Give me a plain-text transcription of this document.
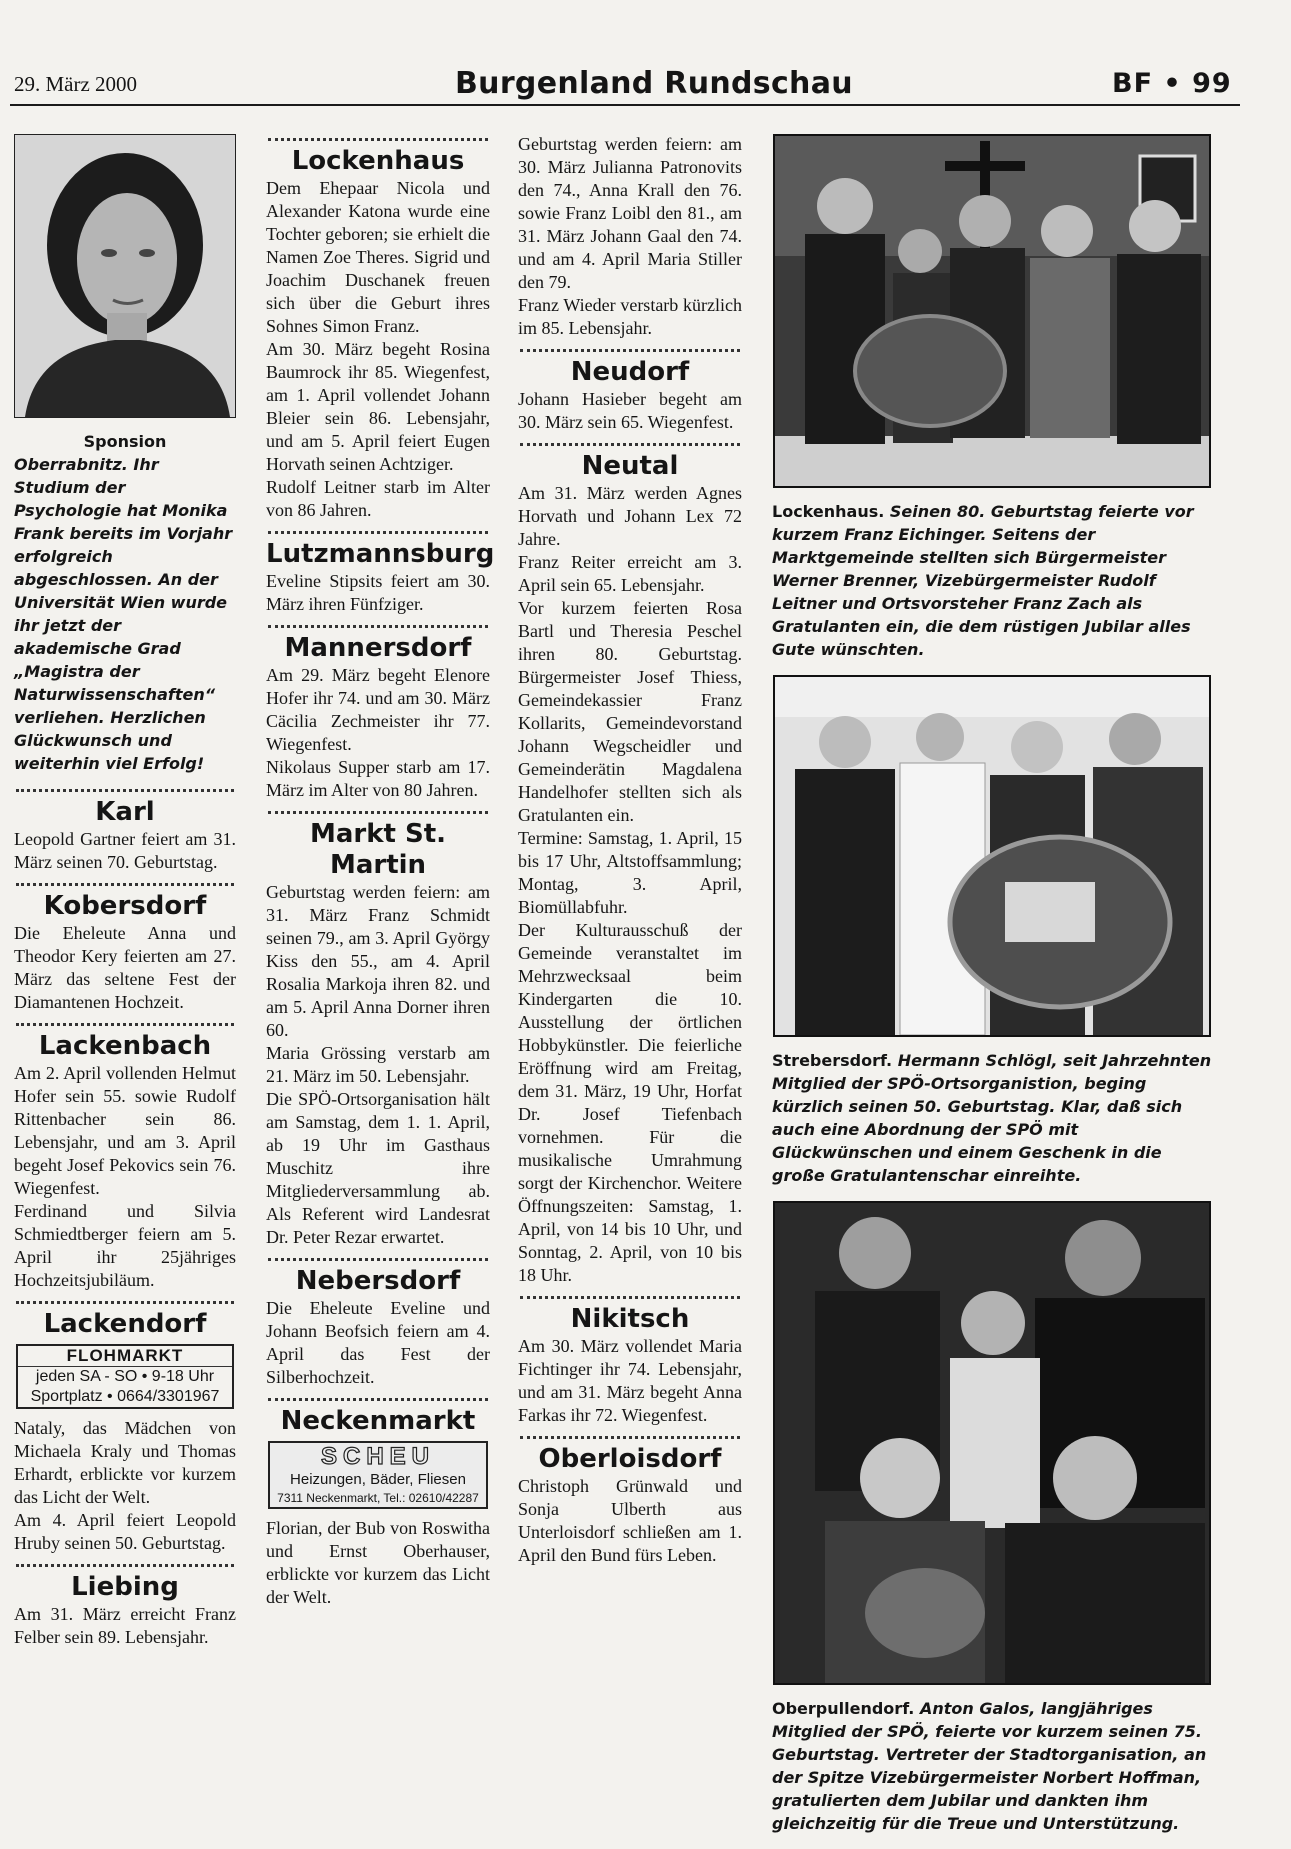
29. März 2000	Burgenland Rundschau	BF • 99
Sponsion

Oberrabnitz. Ihr Studium der Psychologie hat Monika Frank bereits im Vorjahr erfolgreich abgeschlossen. An der Universität Wien wurde ihr jetzt der akademische Grad „Magistra der Naturwissenschaften“ verliehen. Herzlichen Glückwunsch und weiterhin viel Erfolg!

Karl

Leopold Gartner feiert am 31. März seinen 70. Geburtstag.

Kobersdorf

Die Eheleute Anna und Theodor Kery feierten am 27. März das seltene Fest der Diamantenen Hochzeit.

Lackenbach

Am 2. April vollenden Helmut Hofer sein 55. sowie Rudolf Rittenbacher sein 86. Lebensjahr, und am 3. April begeht Josef Pekovics sein 76. Wiegenfest.

Ferdinand und Silvia Schmiedtberger feiern am 5. April ihr 25jähriges Hochzeitsjubiläum.

Lackendorf
FLOHMARKT
jeden SA - SO • 9-18 Uhr
Sportplatz • 0664/3301967

Nataly, das Mädchen von Michaela Kraly und Thomas Erhardt, erblickte vor kurzem das Licht der Welt.

Am 4. April feiert Leopold Hruby seinen 50. Geburtstag.

Liebing

Am 31. März erreicht Franz Felber sein 89. Lebensjahr.

Lockenhaus

Dem Ehepaar Nicola und Alexander Katona wurde eine Tochter geboren; sie erhielt die Namen Zoe Theres. Sigrid und Joachim Duschanek freuen sich über die Geburt ihres Sohnes Simon Franz.

Am 30. März begeht Rosina Baumrock ihr 85. Wiegenfest, am 1. April vollendet Johann Bleier sein 86. Lebensjahr, und am 5. April feiert Eugen Horvath seinen Achtziger.

Rudolf Leitner starb im Alter von 86 Jahren.

Lutzmannsburg

Eveline Stipsits feiert am 30. März ihren Fünfziger.

Mannersdorf

Am 29. März begeht Elenore Hofer ihr 74. und am 30. März Cäcilia Zechmeister ihr 77. Wiegenfest.

Nikolaus Supper starb am 17. März im Alter von 80 Jahren.

Markt St. Martin

Geburtstag werden feiern: am 31. März Franz Schmidt seinen 79., am 3. April György Kiss den 55., am 4. April Rosalia Markoja ihren 82. und am 5. April Anna Dorner ihren 60.

Maria Grössing verstarb am 21. März im 50. Lebensjahr.

Die SPÖ-Ortsorganisation hält am Samstag, dem 1. 1. April, ab 19 Uhr im Gasthaus Muschitz ihre Mitgliederversammlung ab. Als Referent wird Landesrat Dr. Peter Rezar erwartet.

Nebersdorf

Die Eheleute Eveline und Johann Beofsich feiern am 4. April das Fest der Silberhochzeit.

Neckenmarkt
SCHEU
Heizungen, Bäder, Fliesen
7311 Neckenmarkt, Tel.: 02610/42287

Florian, der Bub von Roswitha und Ernst Oberhauser, erblickte vor kurzem das Licht der Welt.

Geburtstag werden feiern: am 30. März Julianna Patronovits den 74., Anna Krall den 76. sowie Franz Loibl den 81., am 31. März Johann Gaal den 74. und am 4. April Maria Stiller den 79.

Franz Wieder verstarb kürzlich im 85. Lebensjahr.

Neudorf

Johann Hasieber begeht am 30. März sein 65. Wiegenfest.

Neutal

Am 31. März werden Agnes Horvath und Johann Lex 72 Jahre.

Franz Reiter erreicht am 3. April sein 65. Lebensjahr.

Vor kurzem feierten Rosa Bartl und Theresia Peschel ihren 80. Geburtstag. Bürgermeister Josef Thiess, Gemeindekassier Franz Kollarits, Gemeindevorstand Johann Wegscheidler und Gemeinderätin Magdalena Handelhofer stellten sich als Gratulanten ein.

Termine: Samstag, 1. April, 15 bis 17 Uhr, Altstoffsammlung; Montag, 3. April, Biomüllabfuhr.

Der Kulturausschuß der Gemeinde veranstaltet im Mehrzwecksaal beim Kindergarten die 10. Ausstellung der örtlichen Hobbykünstler. Die feierliche Eröffnung wird am Freitag, dem 31. März, 19 Uhr, Horfat Dr. Josef Tiefenbach vornehmen. Für die musikalische Umrahmung sorgt der Kirchenchor. Weitere Öffnungszeiten: Samstag, 1. April, von 14 bis 10 Uhr, und Sonntag, 2. April, von 10 bis 18 Uhr.

Nikitsch

Am 30. März vollendet Maria Fichtinger ihr 74. Lebensjahr, und am 31. März begeht Anna Farkas ihr 72. Wiegenfest.

Oberloisdorf

Christoph Grünwald und Sonja Ulberth aus Unterloisdorf schließen am 1. April den Bund fürs Leben.

Lockenhaus. Seinen 80. Geburtstag feierte vor kurzem Franz Eichinger. Seitens der Marktgemeinde stellten sich Bürgermeister Werner Brenner, Vizebürgermeister Rudolf Leitner und Ortsvorsteher Franz Zach als Gratulanten ein, die dem rüstigen Jubilar alles Gute wünschten.

Strebersdorf. Hermann Schlögl, seit Jahrzehnten Mitglied der SPÖ-Ortsorganistion, beging kürzlich seinen 50. Geburtstag. Klar, daß sich auch eine Abordnung der SPÖ mit Glückwünschen und einem Geschenk in die große Gratulantenschar einreihte.

Oberpullendorf. Anton Galos, langjähriges Mitglied der SPÖ, feierte vor kurzem seinen 75. Geburtstag. Vertreter der Stadtorganisation, an der Spitze Vizebürgermeister Norbert Hoffman, gratulierten dem Jubilar und dankten ihm gleichzeitig für die Treue und Unterstützung.
